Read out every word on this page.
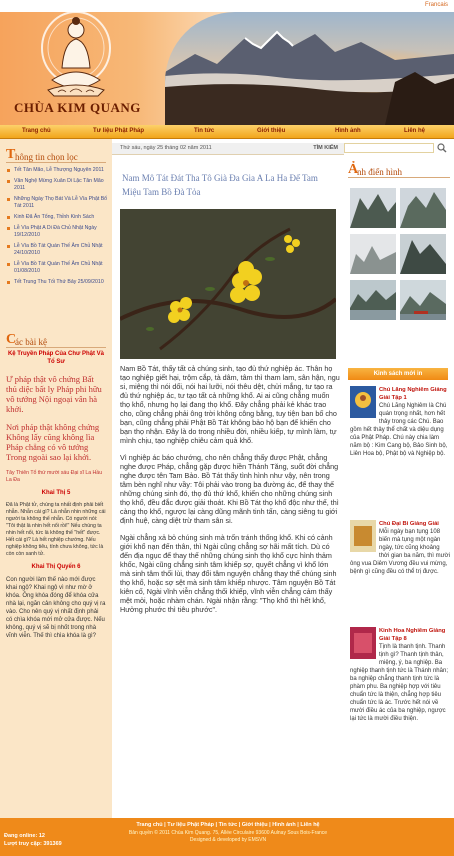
Francais
CHÙA KIM QUANG
Trang chủ	Tư liệu Phật Pháp	Tin tức	Giới thiệu	Hình ảnh	Liên hệ
T hông tin chọn lọc
Tết Tân Mão, Lễ Thượng Nguyên 2011
Văn Nghệ Mừng Xuân Di Lặc Tân Mão 2011
Những Ngày Thọ Bát Và Lễ Vía Phật Bổ Tát 2011
Kinh Đã Ân Tổng, Thỉnh Kinh Sách
Lễ Vía Phật A Di Đà Chủ Nhật Ngày 19/12/2010
Lễ Vía Bồ Tát Quán Thế Âm Chủ Nhật 24/10/2010
Lễ Vía Bồ Tát Quán Thế Âm Chủ Nhật 01/08/2010
Tết Trung Thu Tối Thứ Bảy 25/09/2010
C
ác bài kệ
Kệ Truyền Pháp Của Chư Phật Và Tổ Sư
Ư pháp thật vô chứng Bất thủ diệc bất ly Pháp phi hữu vô tướng Nội ngoại vân hà khởi.
Nơi pháp thật không chứng Không lấy cũng không lìa Pháp chẳng có vô tướng Trong ngoài sao lại khởi.
Tây Thiên Tổ thứ mười sáu Đại sĩ La Hầu La Đa
Khai Thị 5
Đã là Phật tử, chúng ta nhất định phải biết nhẫn. Nhẫn cái gì? Là nhẫn nhin những cái người ta không thể nhẫn. Có người nói: "Tôi thật là nhin hết nổi rồi!" Nếu chúng ta nhin hết nổi, tức là không thể "hết" được. Hết cái gì? Là hết nghiệp chướng. Nếu nghiệp không tiêu, tính chưa không, tức là còn còn sanh tử.
Khai Thị Quyển 6
Con người làm thế nào mới được khai ngộ? Khai ngộ vì như mờ ở khóa. Ông khóa đóng để khóa cửa nhà lại, ngăn cản không cho quý vị ra vào. Cho nên quý vị nhất định phải có chìa khóa mới mở cửa được. Nếu không, quý vị sẽ bị nhốt trong nhà vĩnh viễn. Thế thì chìa khóa là gì?
Thứ sáu, ngày 25 tháng 02 năm 2011	TÌM KIẾM
Nam Mô Tát Đát Tha Tô Già Đa Gia A La Ha Đế Tam Miệu Tam Bồ Đà Tỏa

Nam Bồ Tát, thấy tất cả chúng sinh, tạo đủ thứ nghiệp ác. Thân họ tạo nghiệp giết hại, trộm cắp, tà dâm, tâm thì tham lam, sân hận, ngu si, miệng thì nói dối, nói hai lưỡi, nói thêu dệt, chửi mắng, tư tạo ra đủ thứ nghiệp ác, tư tạo tất cả những khổ. Ai ai cũng chẳng muốn thọ khổ, nhưng họ lại đang thọ khổ. Đây chẳng phải kẻ khác trao cho, cũng chẳng phải ông trời không công bằng, tuy tiện ban bố cho bạn, cũng chẳng phải Phật Bồ Tát không bảo hộ bạn để khiến cho bạn thọ nhận. Đây là do trong nhiều đời, nhiều kiếp, tự mình làm, tự mình chịu, tạo nghiệp chiêu cảm quả khổ.

Vì nghiệp ác báo chướng, cho nên chẳng thấy được Phật, chẳng nghe được Pháp, chẳng gặp được hiền Thánh Tăng, suốt đời chẳng nghe được tên Tam Bảo. Bồ Tát thấy tình hình như vậy, nên trong tâm bèn nghĩ như vầy: Tôi phải vào trong ba đường ác, để thay thế những chúng sinh đó, thọ đủ thứ khổ, khiến cho những chúng sinh thọ khổ, đều đắc được giải thoát. Khi Bồ Tát thọ khổ độc như thế, thì càng thọ khổ, ngược lại càng dũng mãnh tinh tấn, càng siêng tu giới định huệ, càng diệt trừ tham sân si.

Ngài chẳng xả bỏ chúng sinh mà trốn tránh thống khổ. Khi có cảnh giới khổ nạn đến thân, thì Ngài cũng chẳng sợ hãi mất tích. Dù có đến địa ngục để thay thế những chúng sinh thọ khổ cực hình thảm khốc, Ngài cũng chẳng sinh tâm khiếp sợ, quyết chẳng vì khổ lớn mà sinh tâm thối lùi, thay đổi tâm nguyện chẳng thay thế chúng sinh thọ khổ, hoặc sợ sệt mà sinh tâm khiếp nhược. Tâm nguyện Bồ Tát kiên cố, Ngài vĩnh viễn chẳng thối khiếp, vĩnh viễn chẳng cảm thấy mệt mỏi, hoặc nhàm chán. Ngài nhận rằng: "Thọ khổ thì hết khổ, Hưởng phước thì tiêu phước".

Ả
nh điển hình
Kinh sách mới in
Chú Lăng Nghiêm Giảng Giải Tập 1
Chú Lăng Nghiêm là Chú quán trọng nhất, hơn hết thảy trong các Chú. Bao gồm hết thảy thể chất và diệu dụng của Phật Pháp. Chú này chia làm năm bộ : Kim Cang bộ, Bảo Sinh bộ, Liên Hoa bộ, Phật bộ và Nghiệp bộ.
Chú Đại Bi Giảng Giải
Mỗi ngày bạn tụng 108 biến mà tụng một ngàn ngày, tức cũng khoảng thời gian ba năm, thì mười ông vua Diêm Vương đều vui mừng, bệnh gì cũng đều có thể trị được.
Kinh Hoa Nghiêm Giảng Giải Tập 8
Tịnh là thanh tịnh. Thanh tịnh gì? Thanh tịnh thân, miệng, ý, ba nghiệp. Ba nghiệp thanh tịnh tức là Thánh nhân; ba nghiệp chẳng thanh tịnh tức là phàm phu. Ba nghiệp hợp với tiêu chuẩn tức là thiện, chẳng hợp tiêu chuẩn tức là ác. Trước hết nói về mười điều ác của ba nghiệp, ngược lại tức là mười điều thiện.
Trang chủ | Tư liệu Phật Pháp | Tin tức | Giới thiệu | Hình ảnh | Liên hệ
Bản quyền © 2011 Chùa Kim Quang. 75, Allée Circulaire 93600 Aulnay Sous Bois-France
Designed & developed by EMSVN
Đang online: 12
Lượt truy cập: 391369
